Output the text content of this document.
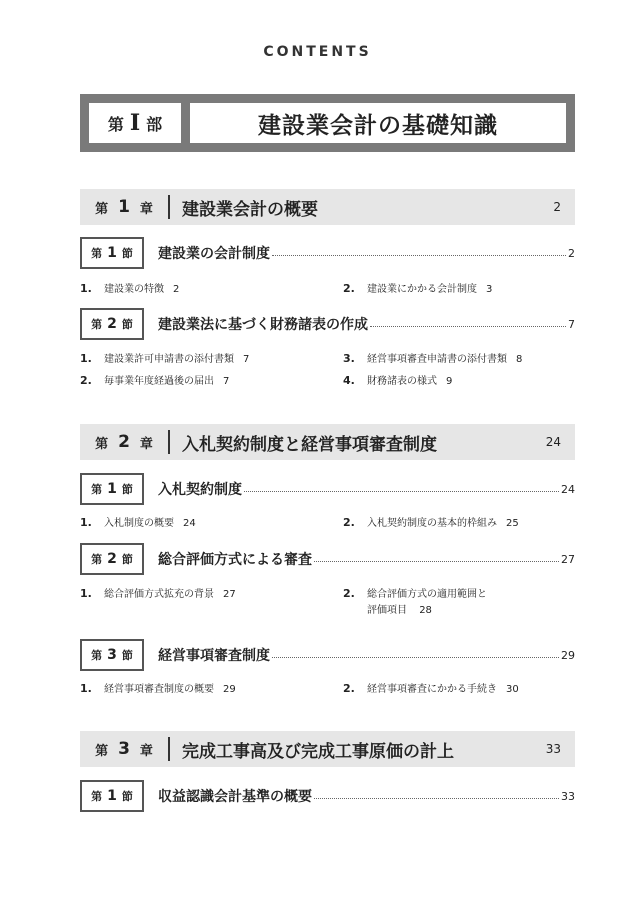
CONTENTS
第 I 部	建設業会計の基礎知識
第 1 章 建設業会計の概要	2
第 1 節 建設業の会計制度	2
1.	建設業の特徴 2	2.	建設業にかかる会計制度 3
第 2 節 建設業法に基づく財務諸表の作成	7
1.	建設業許可申請書の添付書類 7	3.	経営事項審査申請書の添付書類 8
2.	毎事業年度経過後の届出 7	4.	財務諸表の様式 9
第 2 章 入札契約制度と経営事項審査制度	24
第 1 節 入札契約制度	24
1.	入札制度の概要 24	2.	入札契約制度の基本的枠組み 25
第 2 節 総合評価方式による審査	27
1.	総合評価方式拡充の背景 27	2.	総合評価方式の適用範囲と
評価項目 28
第 3 節 経営事項審査制度	29
1.	経営事項審査制度の概要 29	2.	経営事項審査にかかる手続き 30
第 3 章 完成工事高及び完成工事原価の計上	33
第 1 節 収益認識会計基準の概要	33
